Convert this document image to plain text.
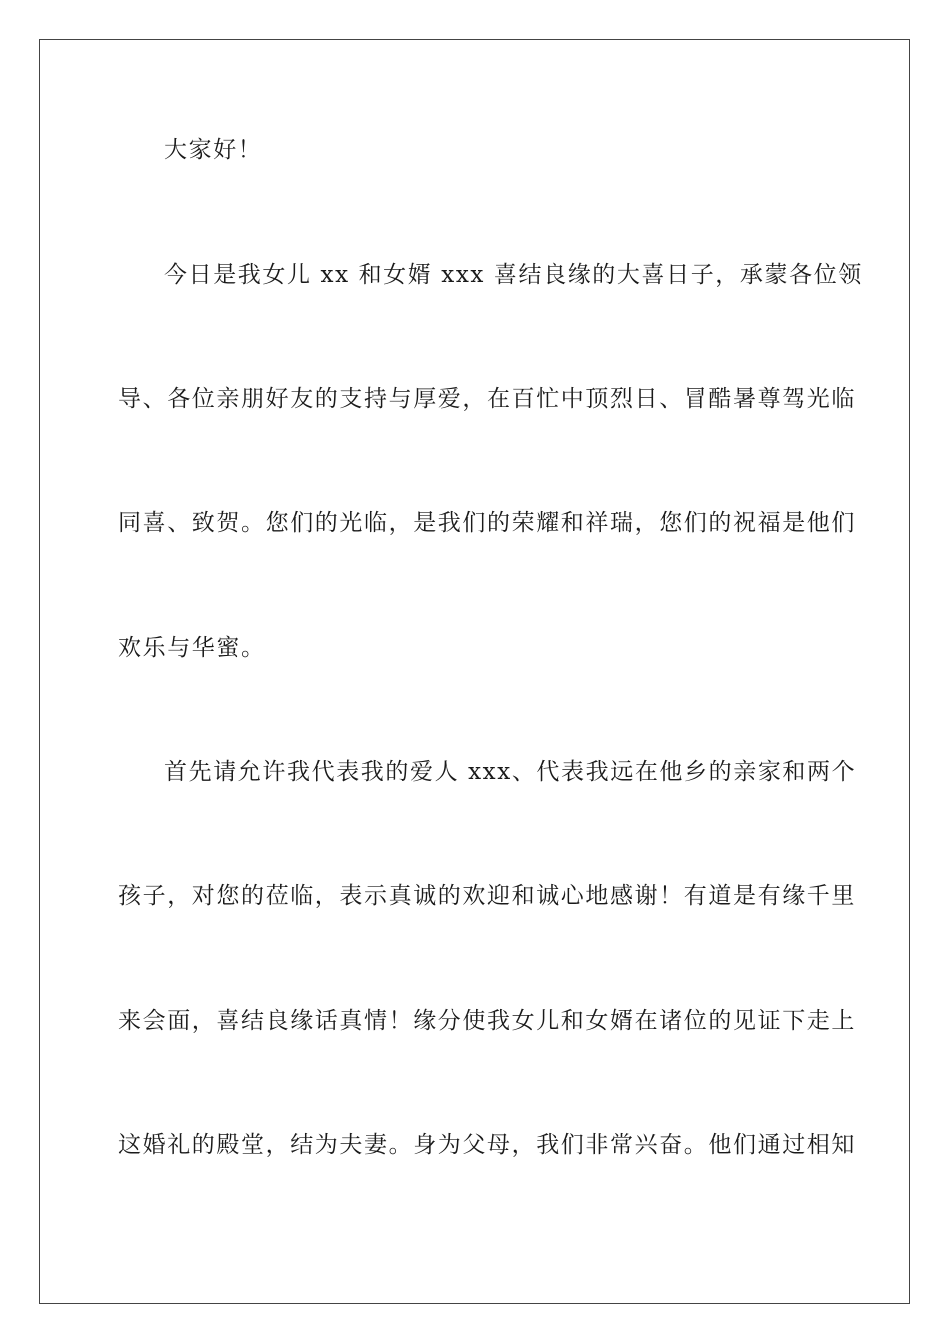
大家好！
今日是我女儿 xx 和女婿 xxx 喜结良缘的大喜日子，承蒙各位领
导、各位亲朋好友的支持与厚爱，在百忙中顶烈日、冒酷暑尊驾光临
同喜、致贺。您们的光临，是我们的荣耀和祥瑞，您们的祝福是他们
欢乐与华蜜。
首先请允许我代表我的爱人 xxx、代表我远在他乡的亲家和两个
孩子，对您的莅临，表示真诚的欢迎和诚心地感谢！有道是有缘千里
来会面，喜结良缘话真情！缘分使我女儿和女婿在诸位的见证下走上
这婚礼的殿堂，结为夫妻。身为父母，我们非常兴奋。他们通过相知
